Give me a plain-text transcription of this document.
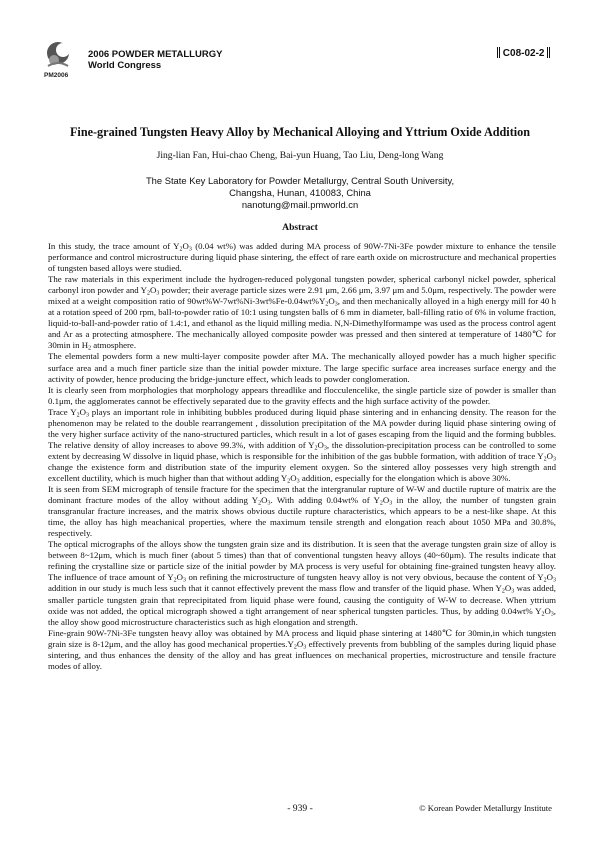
PM2006
2006 POWDER METALLURGY
World Congress
C08-02-2
Fine-grained Tungsten Heavy Alloy by Mechanical Alloying and Yttrium Oxide Addition
Jing-lian Fan, Hui-chao Cheng, Bai-yun Huang, Tao Liu, Deng-long Wang
The State Key Laboratory for Powder Metallurgy, Central South University,
Changsha, Hunan, 410083, China
nanotung@mail.pmworld.cn
Abstract

In this study, the trace amount of $Y_2O_3$ (0.04 wt%) was added during MA process of 90W-7Ni-3Fe powder mixture to enhance the tensile performance and control microstructure during liquid phase sintering, the effect of rare earth oxide on microstructure and mechanical properties of tungsten based alloys were studied.

The raw materials in this experiment include the hydrogen-reduced polygonal tungsten powder, spherical carbonyl nickel powder, spherical carbonyl iron powder and $Y_2O_3$ powder; their average particle sizes were 2.91 μm, 2.66 μm, 3.97 μm and 5.0μm, respectively. The powder were mixed at a weight composition ratio of $90wt\%W-7wt\%Ni-3wt\%Fe-0.04wt\%Y_2O_3$, and then mechanically alloyed in a high energy mill for 40 h at a rotation speed of 200 rpm, ball-to-powder ratio of 10:1 using tungsten balls of 6 mm in diameter, ball-filling ratio of 6% in volume fraction, liquid-to-ball-and-powder ratio of 1.4:1, and ethanol as the liquid milling media. N,N-Dimethylformampe was used as the process control agent and Ar as a protecting atmosphere. The mechanically alloyed composite powder was pressed and then sintered at temperature of 1480℃ for 30min in $H_2$ atmosphere.

The elemental powders form a new multi-layer composite powder after MA. The mechanically alloyed powder has a much higher specific surface area and a much finer particle size than the initial powder mixture. The large specific surface area increases surface energy and the activity of powder, hence producing the bridge-juncture effect, which leads to powder conglomeration.

It is clearly seen from morphologies that morphology appears threadlike and flocculencelike, the single particle size of powder is smaller than 0.1μm, the agglomerates cannot be effectively separated due to the gravity effects and the high surface activity of the powder.

Trace $Y_2O_3$ plays an important role in inhibiting bubbles produced during liquid phase sintering and in enhancing density. The reason for the phenomenon may be related to the double rearrangement , dissolution precipitation of the MA powder during liquid phase sintering owing of the very higher surface activity of the nano-structured particles, which result in a lot of gases escaping from the liquid and the forming bubbles. The relative density of alloy increases to above 99.3%, with addition of $Y_2O_3$, the dissolution-precipitation process can be controlled to some extent by decreasing W dissolve in liquid phase, which is responsible for the inhibition of the gas bubble formation, with addition of trace $Y_2O_3$ change the existence form and distribution state of the impurity element oxygen. So the sintered alloy possesses very high strength and excellent ductility, which is much higher than that without adding $Y_2O_3$ addition, especially for the elongation which is above 30%.

It is seen from SEM micrograph of tensile fracture for the specimen that the intergranular rupture of W-W and ductile rupture of matrix are the dominant fracture modes of the alloy without adding $Y_2O_3$. With adding 0.04wt% of $Y_2O_3$ in the alloy, the number of tungsten grain transgranular fracture increases, and the matrix shows obvious ductile rupture characteristics, which appears to be a nest-like shape. At this time, the alloy has high meachanical properties, where the maximum tensile strength and elongation reach about 1050 MPa and 30.8%, respectively.

The optical micrographs of the alloys show the tungsten grain size and its distribution. It is seen that the average tungsten grain size of alloy is between 8~12μm, which is much finer (about 5 times) than that of conventional tungsten heavy alloys (40~60μm). The results indicate that refining the crystalline size or particle size of the initial powder by MA process is very useful for obtaining fine-grained tungsten heavy alloy. The influence of trace amount of $Y_2O_3$ on refining the microstructure of tungsten heavy alloy is not very obvious, because the content of $Y_2O_3$ addition in our study is much less such that it cannot effectively prevent the mass flow and transfer of the liquid phase. When $Y_2O_3$ was added, smaller particle tungsten grain that reprecipitated from liquid phase were found, causing the contiguity of W-W to decrease. When yttrium oxide was not added, the optical micrograph showed a tight arrangement of near spherical tungsten particles. Thus, by adding 0.04wt% $Y_2O_3$, the alloy show good microstructure characteristics such as high elongation and strength.

Fine-grain 90W-7Ni-3Fe tungsten heavy alloy was obtained by MA process and liquid phase sintering at 1480℃ for 30min,in which tungsten grain size is 8-12μm, and the alloy has good mechanical $properties.Y_2O_3$ effectively prevents from bubbling of the samples during liquid phase sintering, and thus enhances the density of the alloy and has great influences on mechanical properties, microstructure and tensile fracture modes of alloy.

- 939 -	© Korean Powder Metallurgy Institute
